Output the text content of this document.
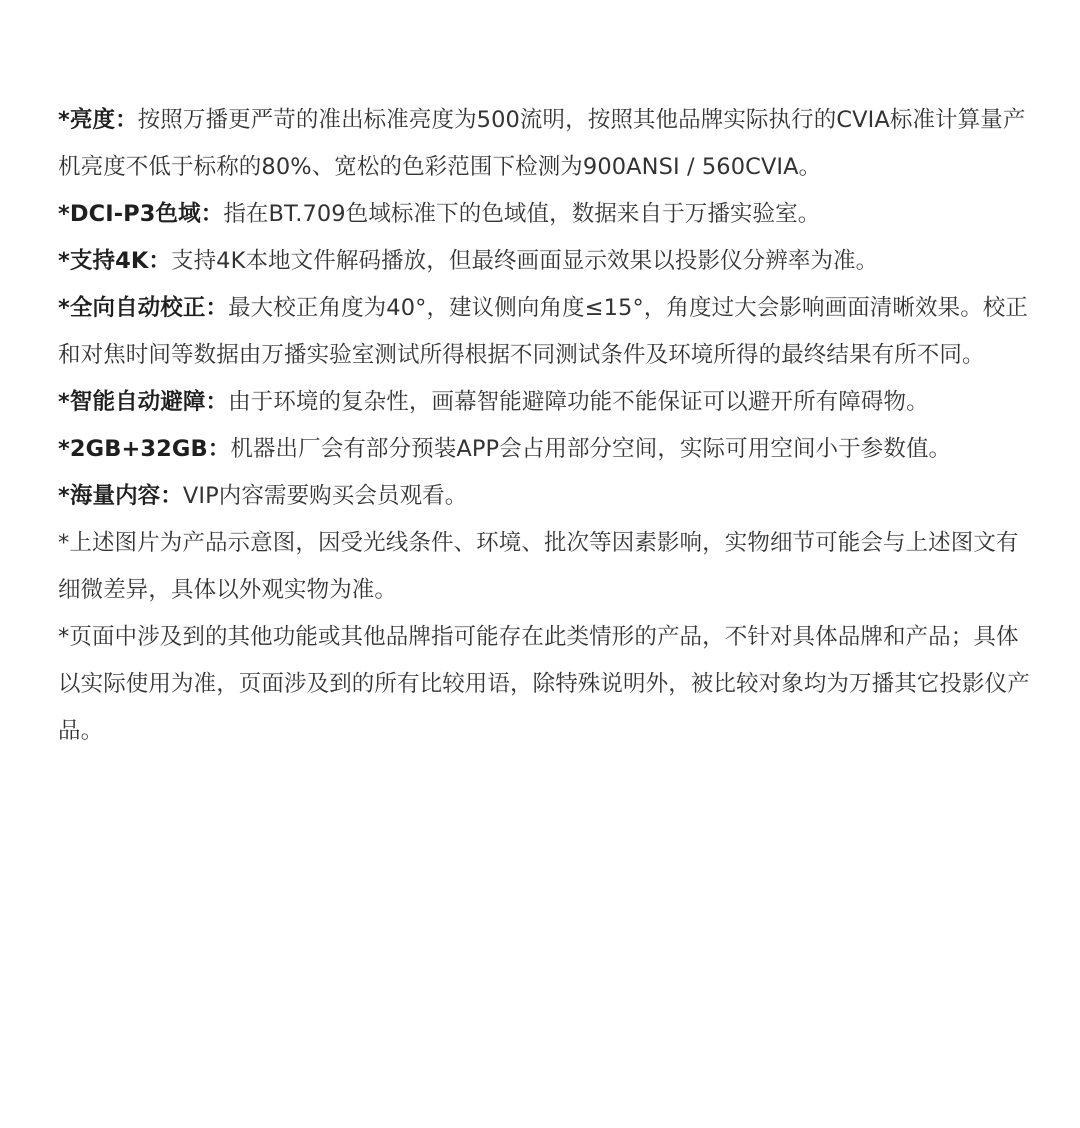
*亮度：按照万播更严苛的准出标准亮度为500流明，按照其他品牌实际执行的CVIA标准计算量产机亮度不低于标称的80%、宽松的色彩范围下检测为900ANSI / 560CVIA。

*DCI-P3色域：指在BT.709色域标准下的色域值，数据来自于万播实验室。

*支持4K：支持4K本地文件解码播放，但最终画面显示效果以投影仪分辨率为准。

*全向自动校正：最大校正角度为40°，建议侧向角度≤15°，角度过大会影响画面清晰效果。校正和对焦时间等数据由万播实验室测试所得根据不同测试条件及环境所得的最终结果有所不同。

*智能自动避障：由于环境的复杂性，画幕智能避障功能不能保证可以避开所有障碍物。

*2GB+32GB：机器出厂会有部分预装APP会占用部分空间，实际可用空间小于参数值。

*海量内容：VIP内容需要购买会员观看。

*上述图片为产品示意图，因受光线条件、环境、批次等因素影响，实物细节可能会与上述图文有细微差异，具体以外观实物为准。

*页面中涉及到的其他功能或其他品牌指可能存在此类情形的产品，不针对具体品牌和产品；具体以实际使用为准，页面涉及到的所有比较用语，除特殊说明外，被比较对象均为万播其它投影仪产品。
